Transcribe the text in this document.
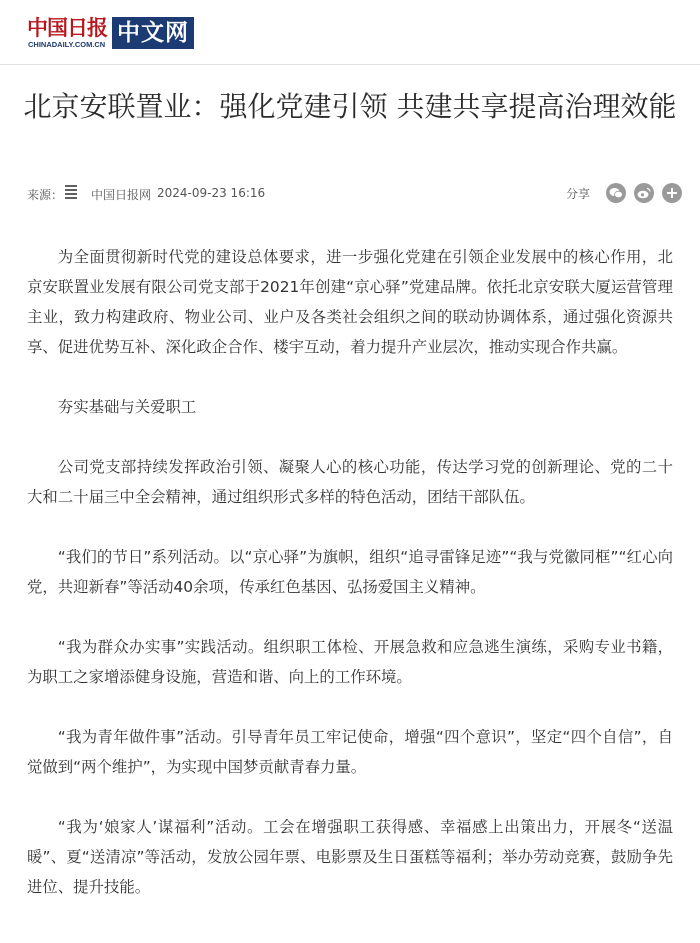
中国日报
CHINADAILY.COM.CN 中文网
北京安联置业：强化党建引领 共建共享提高治理效能
来源： 中国日报网 2024-09-23 16:16	分享

为全面贯彻新时代党的建设总体要求，进一步强化党建在引领企业发展中的核心作用，北京安联置业发展有限公司党支部于2021年创建“京心驿”党建品牌。依托北京安联大厦运营管理主业，致力构建政府、物业公司、业户及各类社会组织之间的联动协调体系，通过强化资源共享、促进优势互补、深化政企合作、楼宇互动，着力提升产业层次，推动实现合作共赢。

夯实基础与关爱职工

公司党支部持续发挥政治引领、凝聚人心的核心功能，传达学习党的创新理论、党的二十大和二十届三中全会精神，通过组织形式多样的特色活动，团结干部队伍。

“我们的节日”系列活动。以“京心驿”为旗帜，组织“追寻雷锋足迹”“我与党徽同框”“红心向党，共迎新春”等活动40余项，传承红色基因、弘扬爱国主义精神。

“我为群众办实事”实践活动。组织职工体检、开展急救和应急逃生演练，采购专业书籍，为职工之家增添健身设施，营造和谐、向上的工作环境。

“我为青年做件事”活动。引导青年员工牢记使命，增强“四个意识”，坚定“四个自信”，自觉做到“两个维护”，为实现中国梦贡献青春力量。

“我为‘娘家人’谋福利”活动。工会在增强职工获得感、幸福感上出策出力，开展冬“送温暖”、夏“送清凉”等活动，发放公园年票、电影票及生日蛋糕等福利；举办劳动竞赛，鼓励争先进位、提升技能。
